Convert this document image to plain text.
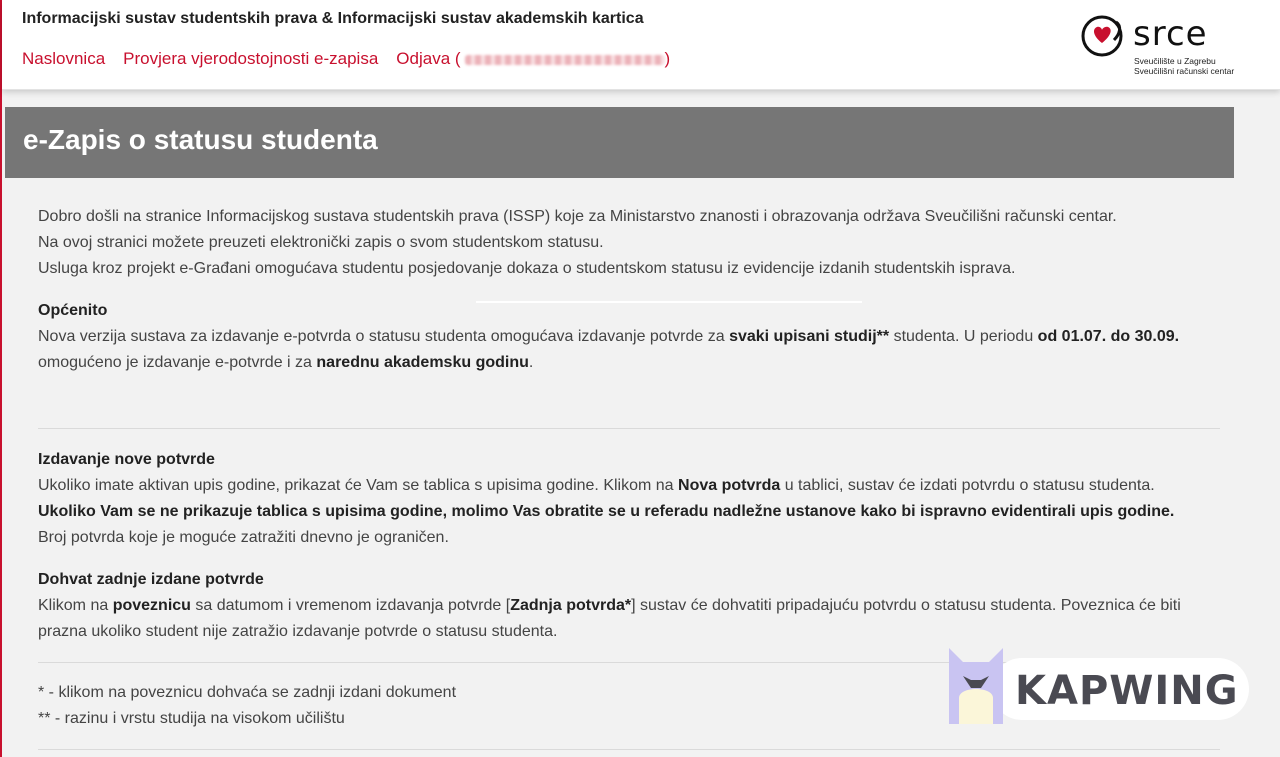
Informacijski sustav studentskih prava & Informacijski sustav akademskih kartica
Naslovnica Provjera vjerodostojnosti e-zapisa Odjava (	)
srce
Sveučilište u Zagrebu
Sveučilišni računski centar
e-Zapis o statusu studenta
Dobro došli na stranice Informacijskog sustava studentskih prava (ISSP) koje za Ministarstvo znanosti i obrazovanja održava Sveučilišni računski centar.
Na ovoj stranici možete preuzeti elektronički zapis o svom studentskom statusu.
Usluga kroz projekt e-Građani omogućava studentu posjedovanje dokaza o studentskom statusu iz evidencije izdanih studentskih isprava.
Općenito

Nova verzija sustava za izdavanje e-potvrda o statusu studenta omogućava izdavanje potvrde za svaki upisani studij** studenta. U periodu od 01.07. do 30.09. omogućeno je izdavanje e-potvrde i za narednu akademsku godinu.

Izdavanje nove potvrde

Ukoliko imate aktivan upis godine, prikazat će Vam se tablica s upisima godine. Klikom na Nova potvrda u tablici, sustav će izdati potvrdu o statusu studenta.

Ukoliko Vam se ne prikazuje tablica s upisima godine, molimo Vas obratite se u referadu nadležne ustanove kako bi ispravno evidentirali upis godine.

Broj potvrda koje je moguće zatražiti dnevno je ograničen.

Dohvat zadnje izdane potvrde

Klikom na poveznicu sa datumom i vremenom izdavanja potvrde [Zadnja potvrda*] sustav će dohvatiti pripadajuću potvrdu o statusu studenta. Poveznica će biti prazna ukoliko student nije zatražio izdavanje potvrde o statusu studenta.

* - klikom na poveznicu dohvaća se zadnji izdani dokument
** - razinu i vrstu studija na visokom učilištu
KAPWING
